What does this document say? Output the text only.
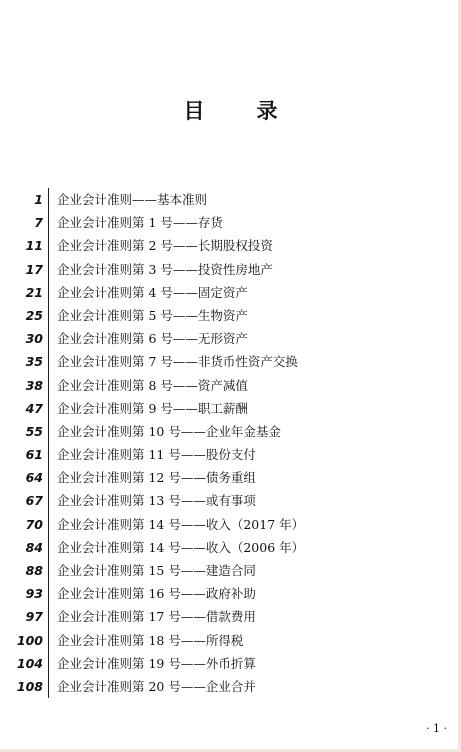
目录
1 企业会计准则——基本准则
7 企业会计准则第 1 号——存货
11 企业会计准则第 2 号——长期股权投资
17 企业会计准则第 3 号——投资性房地产
21 企业会计准则第 4 号——固定资产
25 企业会计准则第 5 号——生物资产
30 企业会计准则第 6 号——无形资产
35 企业会计准则第 7 号——非货币性资产交换
38 企业会计准则第 8 号——资产减值
47 企业会计准则第 9 号——职工薪酬
55 企业会计准则第 10 号——企业年金基金
61 企业会计准则第 11 号——股份支付
64 企业会计准则第 12 号——债务重组
67 企业会计准则第 13 号——或有事项
70 企业会计准则第 14 号——收入（2017 年）
84 企业会计准则第 14 号——收入（2006 年）
88 企业会计准则第 15 号——建造合同
93 企业会计准则第 16 号——政府补助
97 企业会计准则第 17 号——借款费用
100 企业会计准则第 18 号——所得税
104 企业会计准则第 19 号——外币折算
108 企业会计准则第 20 号——企业合并
· 1 ·
